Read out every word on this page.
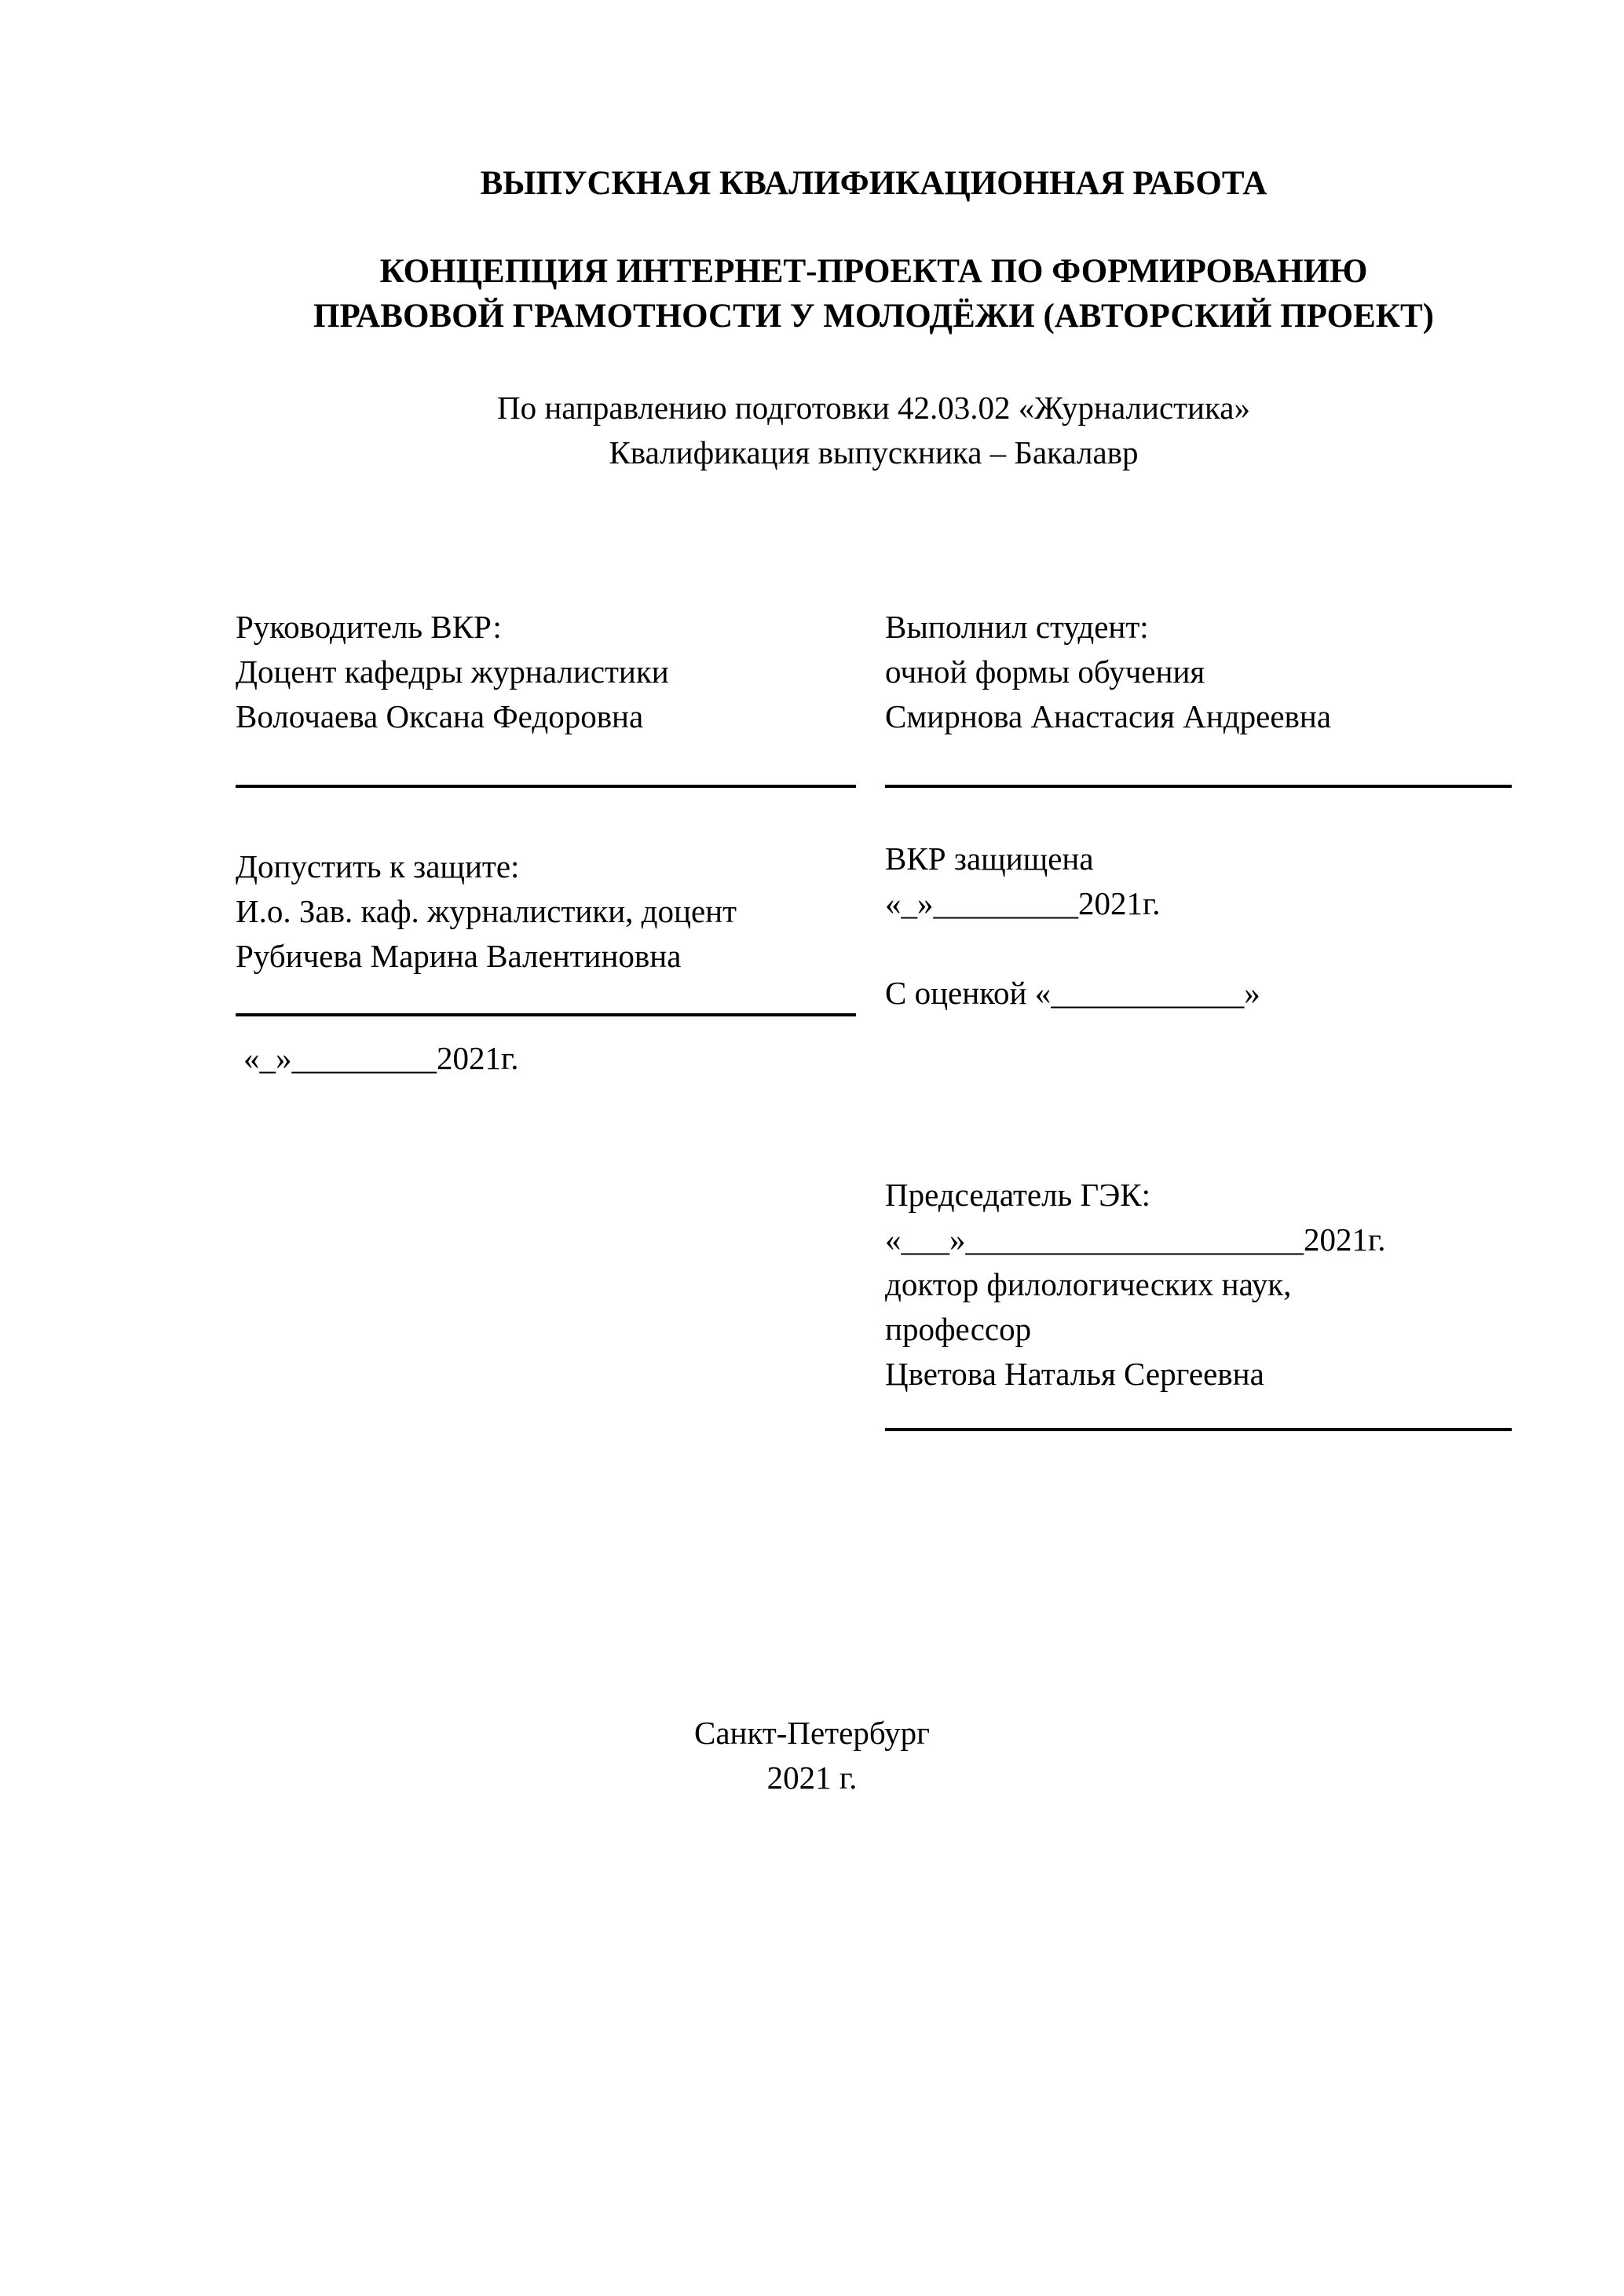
ВЫПУСКНАЯ КВАЛИФИКАЦИОННАЯ РАБОТА
КОНЦЕПЦИЯ ИНТЕРНЕТ-ПРОЕКТА ПО ФОРМИРОВАНИЮ
ПРАВОВОЙ ГРАМОТНОСТИ У МОЛОДЁЖИ (АВТОРСКИЙ ПРОЕКТ)
По направлению подготовки 42.03.02 «Журналистика»
Квалификация выпускника – Бакалавр
Руководитель ВКР:
Доцент кафедры журналистики
Волочаева Оксана Федоровна
Допустить к защите:
И.о. Зав. каф. журналистики, доцент
Рубичева Марина Валентиновна
«_»_________2021г.
Выполнил студент:
очной формы обучения
Смирнова Анастасия Андреевна
ВКР защищена
«_»_________2021г.
С оценкой «____________»
Председатель ГЭК:
«___»_____________________2021г.
доктор филологических наук,
профессор
Цветова Наталья Сергеевна
Санкт-Петербург
2021 г.
